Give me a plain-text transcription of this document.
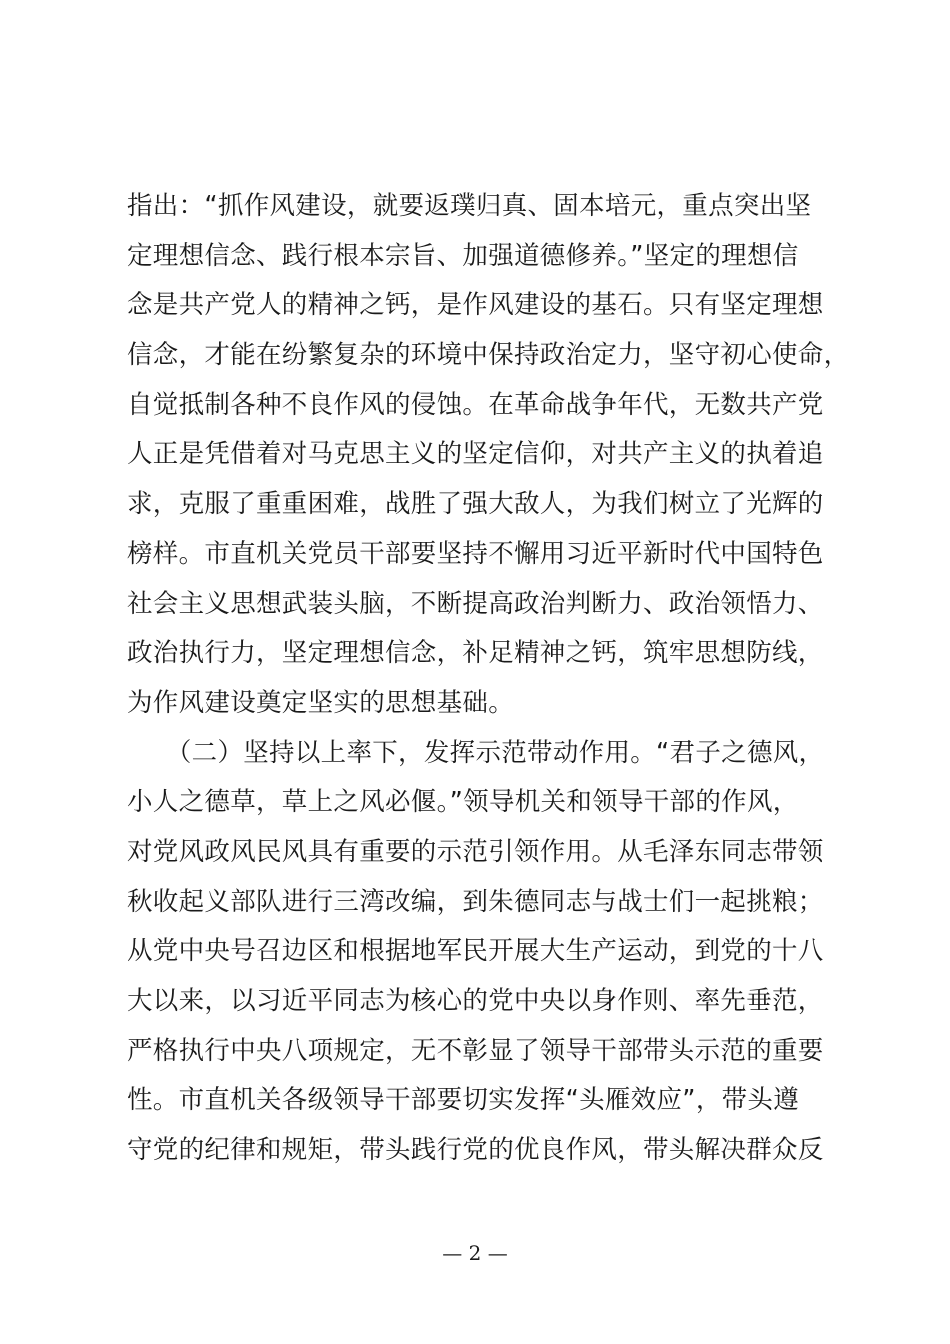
指出：“抓作风建设，就要返璞归真、固本培元，重点突出坚
定理想信念、践行根本宗旨、加强道德修养。”坚定的理想信
念是共产党人的精神之钙，是作风建设的基石。只有坚定理想
信念，才能在纷繁复杂的环境中保持政治定力，坚守初心使命，
自觉抵制各种不良作风的侵蚀。在革命战争年代，无数共产党
人正是凭借着对马克思主义的坚定信仰，对共产主义的执着追
求，克服了重重困难，战胜了强大敌人，为我们树立了光辉的
榜样。市直机关党员干部要坚持不懈用习近平新时代中国特色
社会主义思想武装头脑，不断提高政治判断力、政治领悟力、
政治执行力，坚定理想信念，补足精神之钙，筑牢思想防线，
为作风建设奠定坚实的思想基础。
　　（二）坚持以上率下，发挥示范带动作用。“君子之德风，
小人之德草，草上之风必偃。”领导机关和领导干部的作风，
对党风政风民风具有重要的示范引领作用。从毛泽东同志带领
秋收起义部队进行三湾改编，到朱德同志与战士们一起挑粮；
从党中央号召边区和根据地军民开展大生产运动，到党的十八
大以来，以习近平同志为核心的党中央以身作则、率先垂范，
严格执行中央八项规定，无不彰显了领导干部带头示范的重要
性。市直机关各级领导干部要切实发挥“头雁效应”，带头遵
守党的纪律和规矩，带头践行党的优良作风，带头解决群众反
— 2 —
